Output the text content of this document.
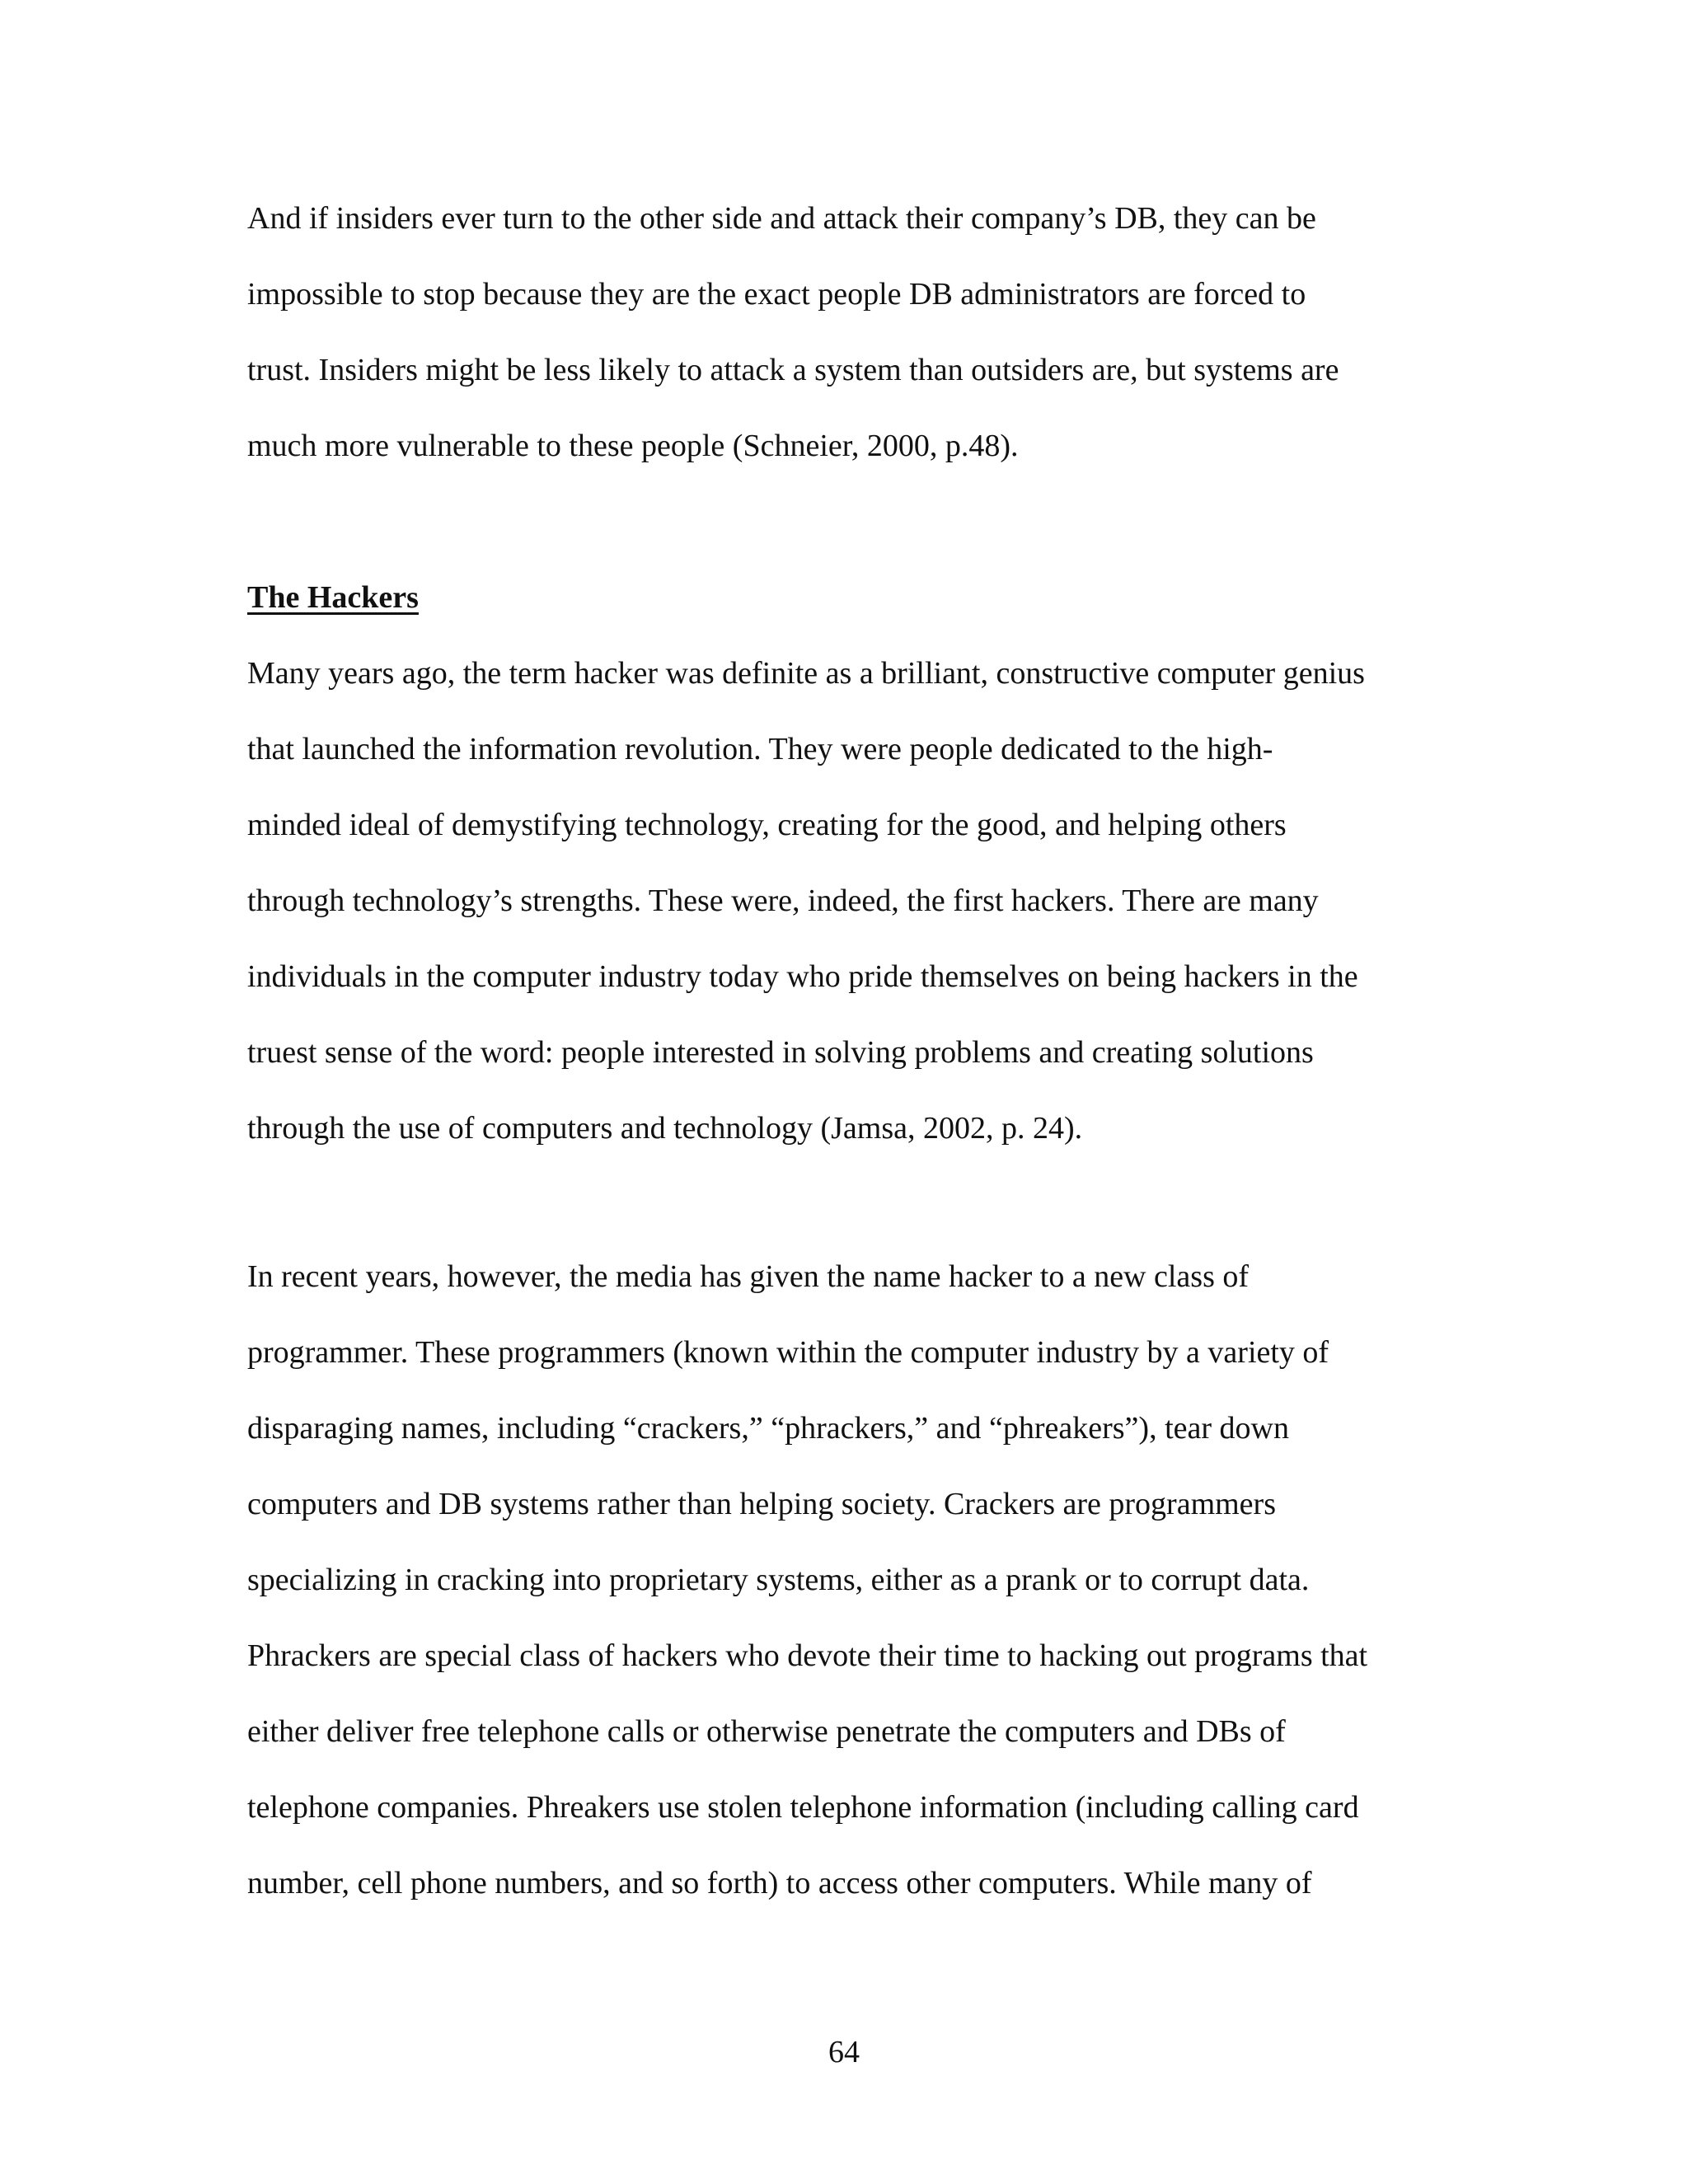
And if insiders ever turn to the other side and attack their company’s DB, they can be
impossible to stop because they are the exact people DB administrators are forced to
trust. Insiders might be less likely to attack a system than outsiders are, but systems are
much more vulnerable to these people (Schneier, 2000, p.48).
The Hackers
Many years ago, the term hacker was definite as a brilliant, constructive computer genius
that launched the information revolution. They were people dedicated to the high-
minded ideal of demystifying technology, creating for the good, and helping others
through technology’s strengths. These were, indeed, the first hackers. There are many
individuals in the computer industry today who pride themselves on being hackers in the
truest sense of the word: people interested in solving problems and creating solutions
through the use of computers and technology (Jamsa, 2002, p. 24).
In recent years, however, the media has given the name hacker to a new class of
programmer. These programmers (known within the computer industry by a variety of
disparaging names, including “crackers,” “phrackers,” and “phreakers”), tear down
computers and DB systems rather than helping society. Crackers are programmers
specializing in cracking into proprietary systems, either as a prank or to corrupt data.
Phrackers are special class of hackers who devote their time to hacking out programs that
either deliver free telephone calls or otherwise penetrate the computers and DBs of
telephone companies. Phreakers use stolen telephone information (including calling card
number, cell phone numbers, and so forth) to access other computers. While many of
64
